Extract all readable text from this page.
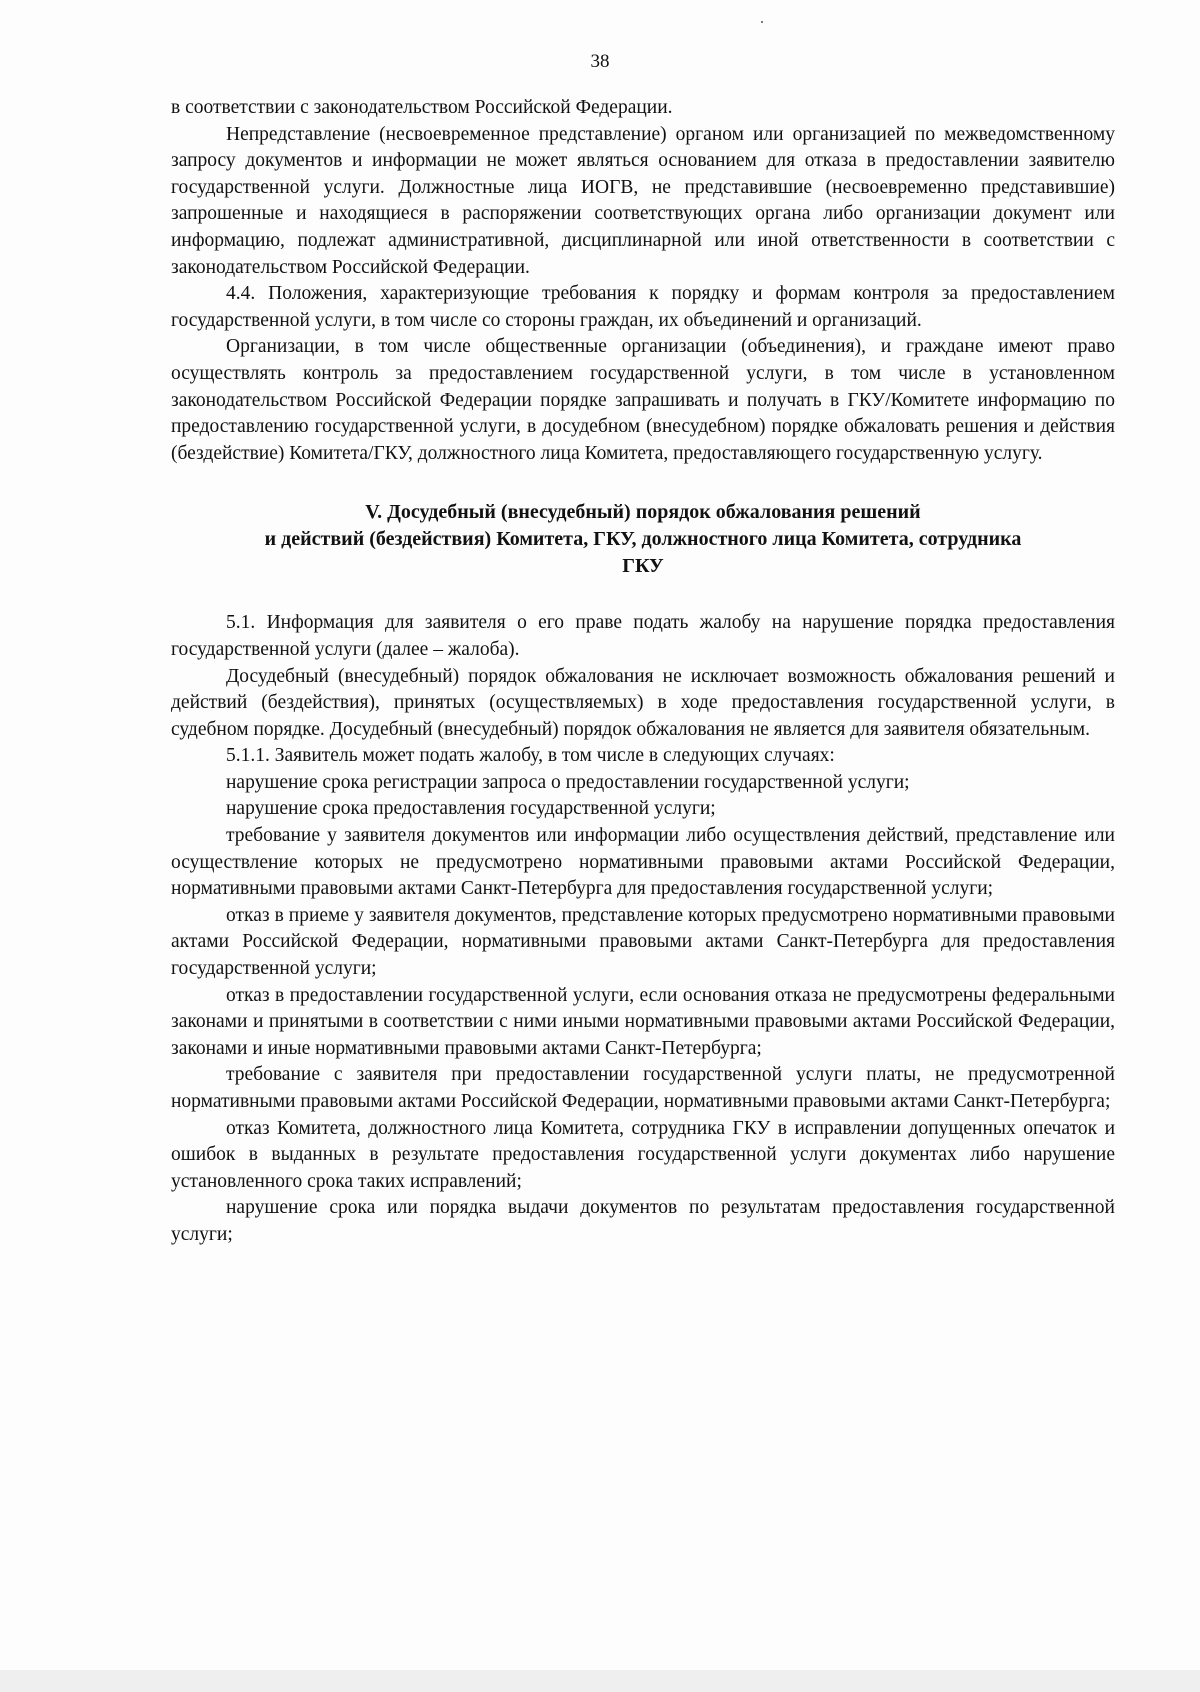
38

в соответствии с законодательством Российской Федерации.

Непредставление (несвоевременное представление) органом или организацией по межведомственному запросу документов и информации не может являться основанием для отказа в предоставлении заявителю государственной услуги. Должностные лица ИОГВ, не представившие (несвоевременно представившие) запрошенные и находящиеся в распоряжении соответствующих органа либо организации документ или информацию, подлежат административной, дисциплинарной или иной ответственности в соответствии с законодательством Российской Федерации.

4.4. Положения, характеризующие требования к порядку и формам контроля за предоставлением государственной услуги, в том числе со стороны граждан, их объединений и организаций.

Организации, в том числе общественные организации (объединения), и граждане имеют право осуществлять контроль за предоставлением государственной услуги, в том числе в установленном законодательством Российской Федерации порядке запрашивать и получать в ГКУ/Комитете информацию по предоставлению государственной услуги, в досудебном (внесудебном) порядке обжаловать решения и действия (бездействие) Комитета/ГКУ, должностного лица Комитета, предоставляющего государственную услугу.

V. Досудебный (внесудебный) порядок обжалования решений
и действий (бездействия) Комитета, ГКУ, должностного лица Комитета, сотрудника
ГКУ

5.1. Информация для заявителя о его праве подать жалобу на нарушение порядка предоставления государственной услуги (далее – жалоба).

Досудебный (внесудебный) порядок обжалования не исключает возможность обжалования решений и действий (бездействия), принятых (осуществляемых) в ходе предоставления государственной услуги, в судебном порядке. Досудебный (внесудебный) порядок обжалования не является для заявителя обязательным.

5.1.1. Заявитель может подать жалобу, в том числе в следующих случаях:

нарушение срока регистрации запроса о предоставлении государственной услуги;

нарушение срока предоставления государственной услуги;

требование у заявителя документов или информации либо осуществления действий, представление или осуществление которых не предусмотрено нормативными правовыми актами Российской Федерации, нормативными правовыми актами Санкт-Петербурга для предоставления государственной услуги;

отказ в приеме у заявителя документов, представление которых предусмотрено нормативными правовыми актами Российской Федерации, нормативными правовыми актами Санкт-Петербурга для предоставления государственной услуги;

отказ в предоставлении государственной услуги, если основания отказа не предусмотрены федеральными законами и принятыми в соответствии с ними иными нормативными правовыми актами Российской Федерации, законами и иные нормативными правовыми актами Санкт-Петербурга;

требование с заявителя при предоставлении государственной услуги платы, не предусмотренной нормативными правовыми актами Российской Федерации, нормативными правовыми актами Санкт-Петербурга;

отказ Комитета, должностного лица Комитета, сотрудника ГКУ в исправлении допущенных опечаток и ошибок в выданных в результате предоставления государственной услуги документах либо нарушение установленного срока таких исправлений;

нарушение срока или порядка выдачи документов по результатам предоставления государственной услуги;
